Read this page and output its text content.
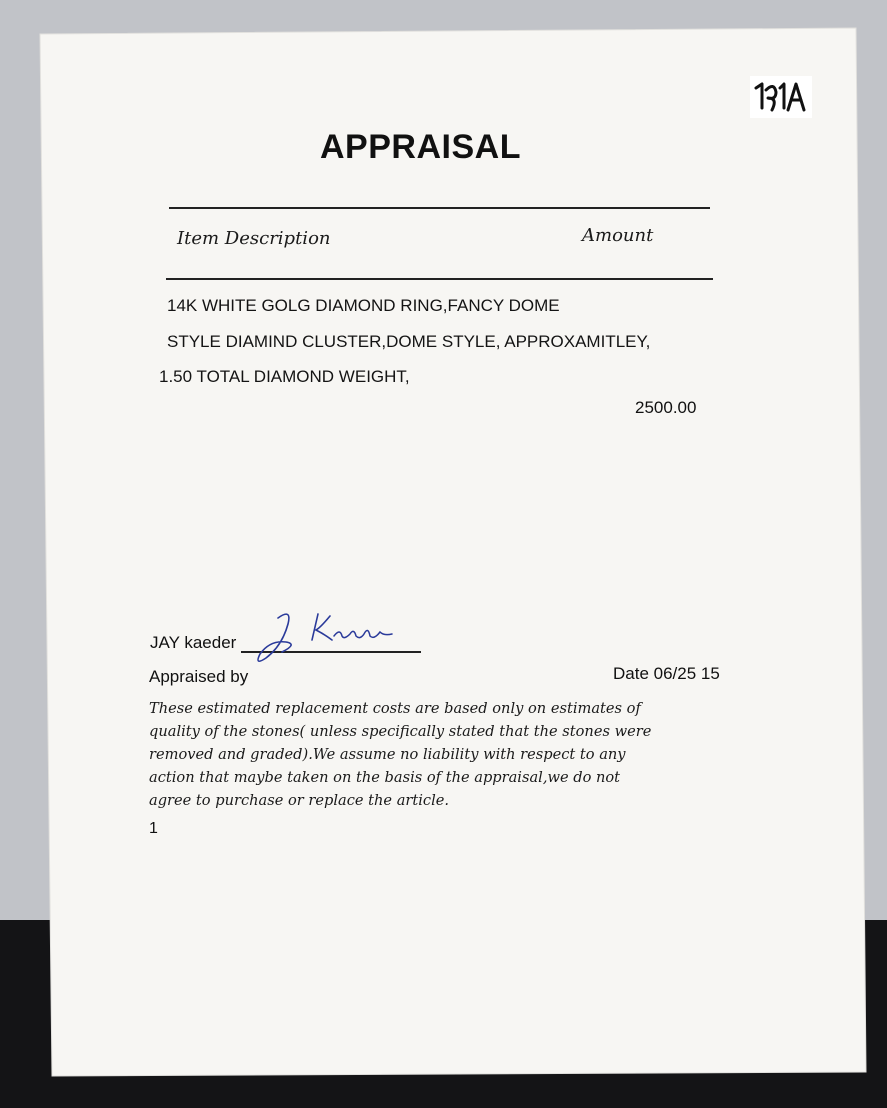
APPRAISAL
Item Description	Amount
14K WHITE GOLG DIAMOND RING,FANCY DOME
STYLE DIAMIND CLUSTER,DOME STYLE, APPROXAMITLEY,
1.50 TOTAL DIAMOND WEIGHT,
2500.00
JAY kaeder
Appraised by	Date 06/25 15
These estimated replacement costs are based only on estimates of
quality of the stones( unless specifically stated that the stones were
removed and graded).We assume no liability with respect to any
action that maybe taken on the basis of the appraisal,we do not
agree to purchase or replace the article.
1
